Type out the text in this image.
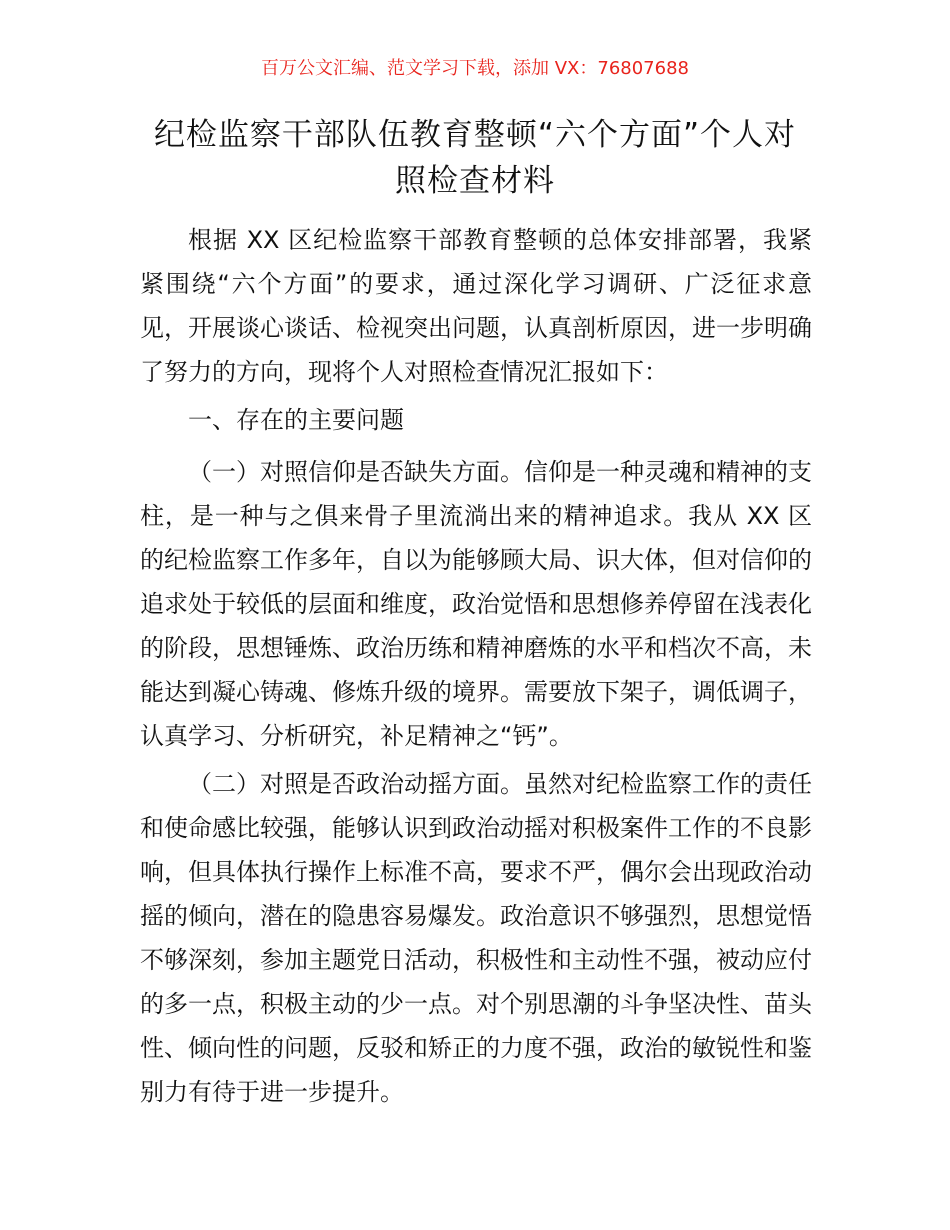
百万公文汇编、范文学习下载，添加 VX：76807688
纪检监察干部队伍教育整顿“六个方面”个人对照检查材料

根据 XX 区纪检监察干部教育整顿的总体安排部署，我紧紧围绕“六个方面”的要求，通过深化学习调研、广泛征求意见，开展谈心谈话、检视突出问题，认真剖析原因，进一步明确了努力的方向，现将个人对照检查情况汇报如下：

一、存在的主要问题

（一）对照信仰是否缺失方面。信仰是一种灵魂和精神的支柱，是一种与之俱来骨子里流淌出来的精神追求。我从 XX 区的纪检监察工作多年，自以为能够顾大局、识大体，但对信仰的追求处于较低的层面和维度，政治觉悟和思想修养停留在浅表化的阶段，思想锤炼、政治历练和精神磨炼的水平和档次不高，未能达到凝心铸魂、修炼升级的境界。需要放下架子，调低调子，认真学习、分析研究，补足精神之“钙”。

（二）对照是否政治动摇方面。虽然对纪检监察工作的责任和使命感比较强，能够认识到政治动摇对积极案件工作的不良影响，但具体执行操作上标准不高，要求不严，偶尔会出现政治动摇的倾向，潜在的隐患容易爆发。政治意识不够强烈，思想觉悟不够深刻，参加主题党日活动，积极性和主动性不强，被动应付的多一点，积极主动的少一点。对个别思潮的斗争坚决性、苗头性、倾向性的问题，反驳和矫正的力度不强，政治的敏锐性和鉴别力有待于进一步提升。
